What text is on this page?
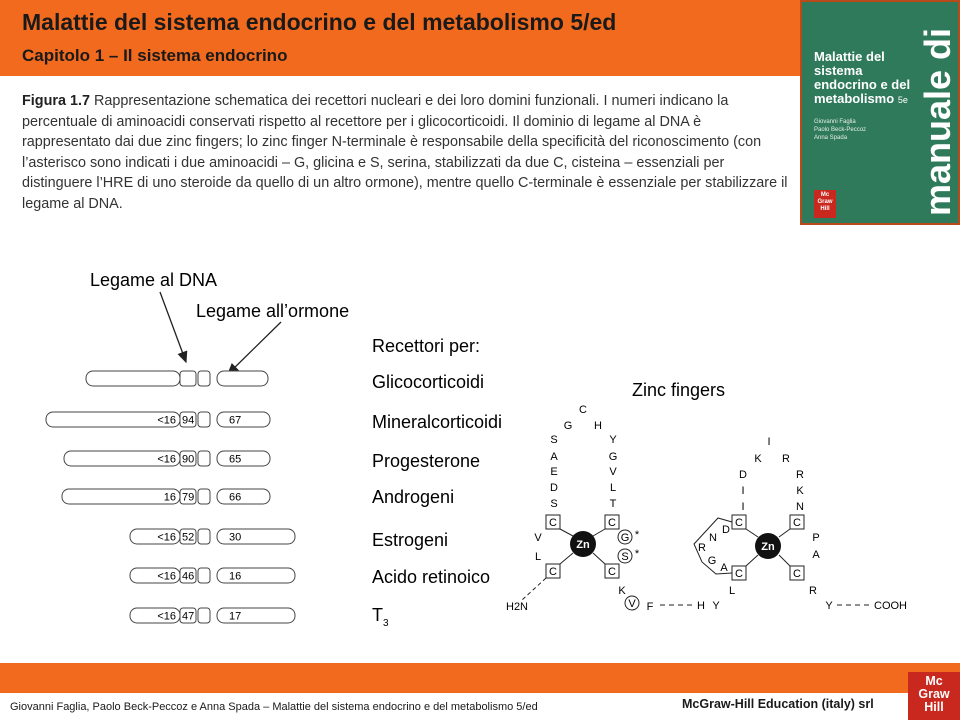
Malattie del sistema endocrino e del metabolismo 5/ed
Capitolo 1 – Il sistema endocrino	Malattie del sistema endocrino e del metabolismo 5e
Giovanni Faglia
Paolo Beck-Peccoz
Anna Spada	manuale di
Mc
Graw
Hill
Figura 1.7 Rappresentazione schematica dei recettori nucleari e dei loro domini funzionali. I numeri indicano la percentuale di aminoacidi conservati rispetto al recettore per i glicocorticoidi. Il dominio di legame al DNA è rappresentato dai due zinc fingers; lo zinc finger N-terminale è responsabile della specificità del riconoscimento (con l’asterisco sono indicati i due aminoacidi – G, glicina e S, serina, stabilizzati da due C, cisteina – essenziali per distinguere l’HRE di uno steroide da quello di un altro ormone), mentre quello C-terminale è essenziale per stabilizzare il legame al DNA.
Legame al DNA
Legame all’ormone
Recettori per:
Glicocorticoidi
<16 94	67	Mineralcorticoidi
<16 90	65	Progesterone
16 79	66	Androgeni
<16 52	30	Estrogeni
<16 46	16	Acido retinoico
<16 47	17	$T_3$
Zinc fingers
C
G H
S
A
E
D
S
Y
G
V
L
T
C	C
C	C
Zn
V
L
G
S
*
*
H2N
K
V F	H Y
I
K R
D
I
I
R
K
N
C	C
C	C
Zn
D
N
R
G
A
P
A
L	R
Y	COOH
Giovanni Faglia, Paolo Beck-Peccoz e Anna Spada – Malattie del sistema endocrino e del metabolismo 5/ed	McGraw-Hill Education (italy) srl
Mc
Graw
Hill
